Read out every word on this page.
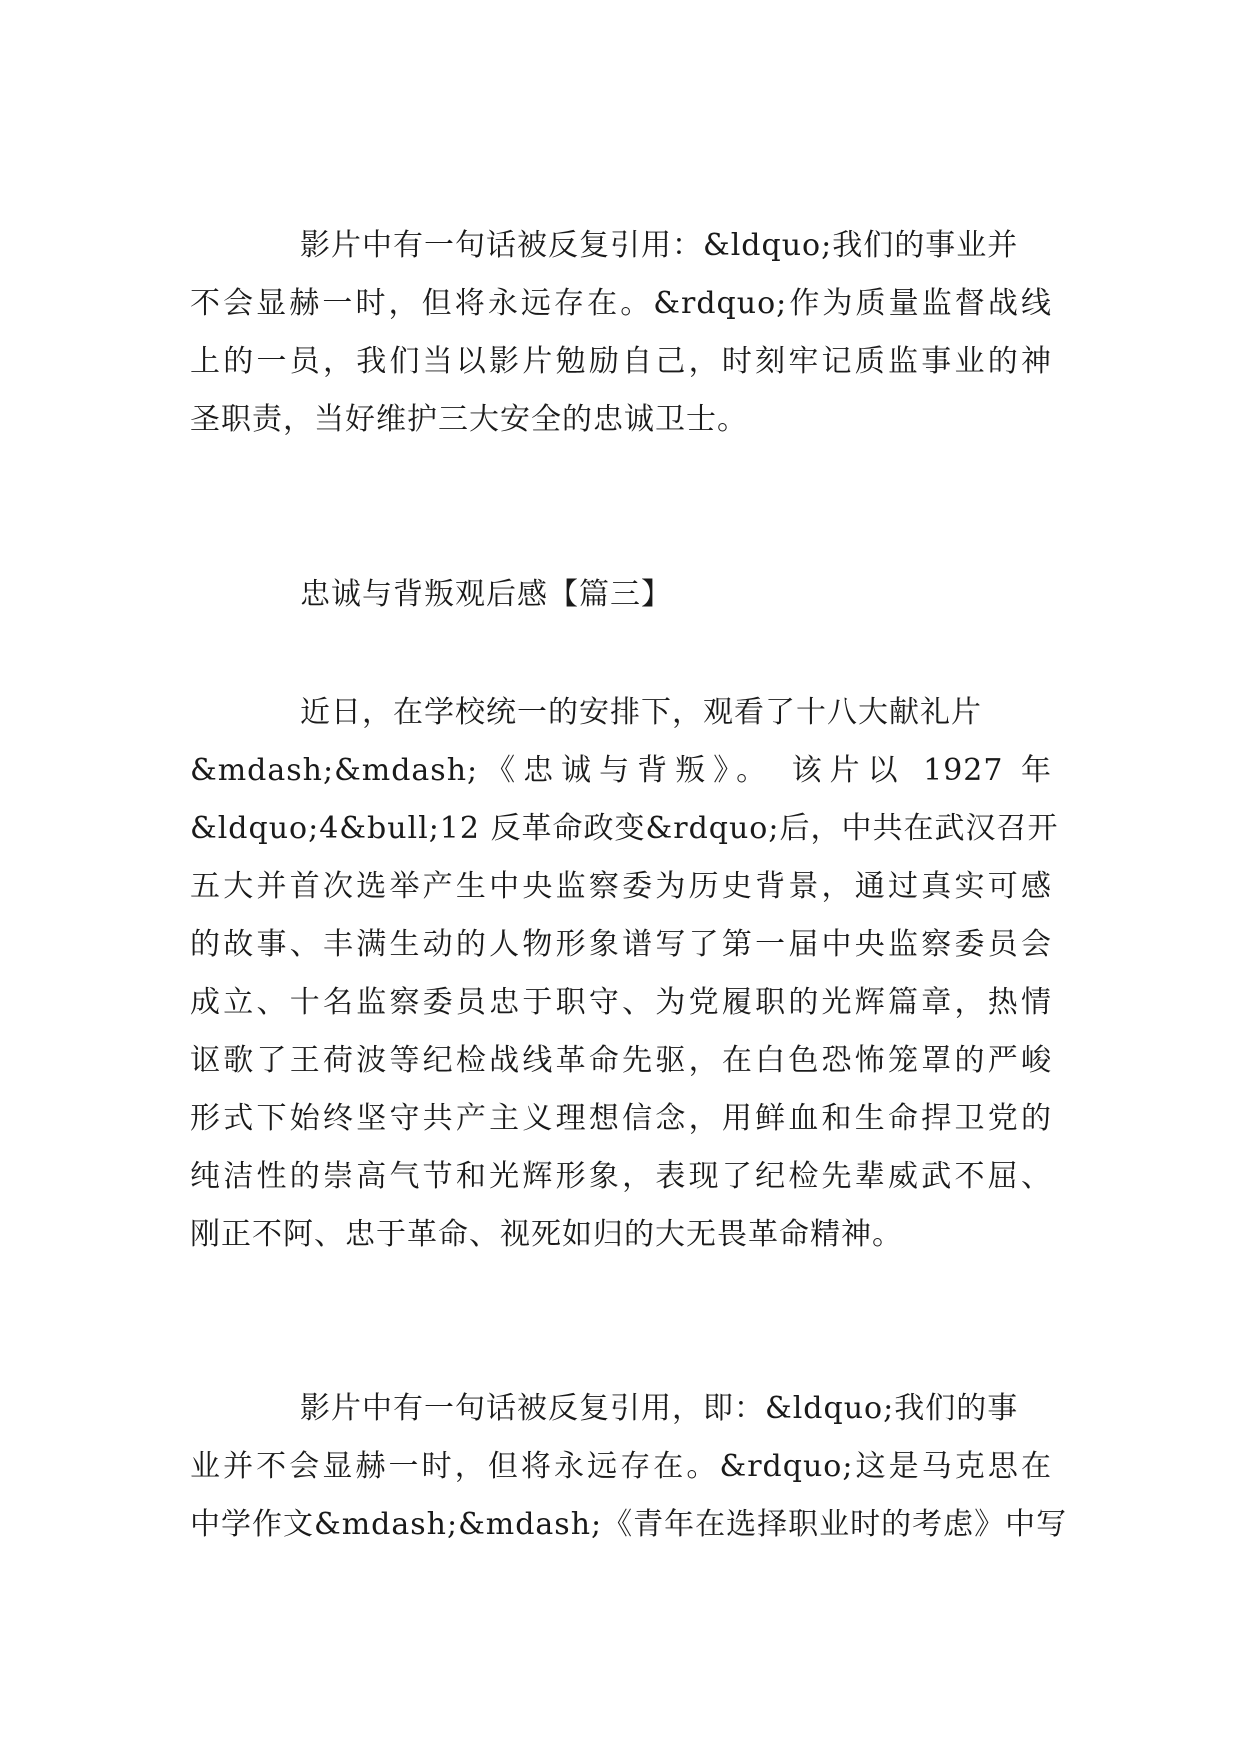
影片中有一句话被反复引用：&ldquo;我们的事业并
不会显赫一时，但将永远存在。&rdquo;作为质量监督战线
上的一员，我们当以影片勉励自己，时刻牢记质监事业的神
圣职责，当好维护三大安全的忠诚卫士。
忠诚与背叛观后感【篇三】
近日，在学校统一的安排下，观看了十八大献礼片
&mdash;&mdash;《忠诚与背叛》。 该片以 1927 年
&ldquo;4&bull;12 反革命政变&rdquo;后，中共在武汉召开
五大并首次选举产生中央监察委为历史背景，通过真实可感
的故事、丰满生动的人物形象谱写了第一届中央监察委员会
成立、十名监察委员忠于职守、为党履职的光辉篇章，热情
讴歌了王荷波等纪检战线革命先驱，在白色恐怖笼罩的严峻
形式下始终坚守共产主义理想信念，用鲜血和生命捍卫党的
纯洁性的崇高气节和光辉形象，表现了纪检先辈威武不屈、
刚正不阿、忠于革命、视死如归的大无畏革命精神。
影片中有一句话被反复引用，即：&ldquo;我们的事
业并不会显赫一时，但将永远存在。&rdquo;这是马克思在
中学作文&mdash;&mdash;《青年在选择职业时的考虑》中写
